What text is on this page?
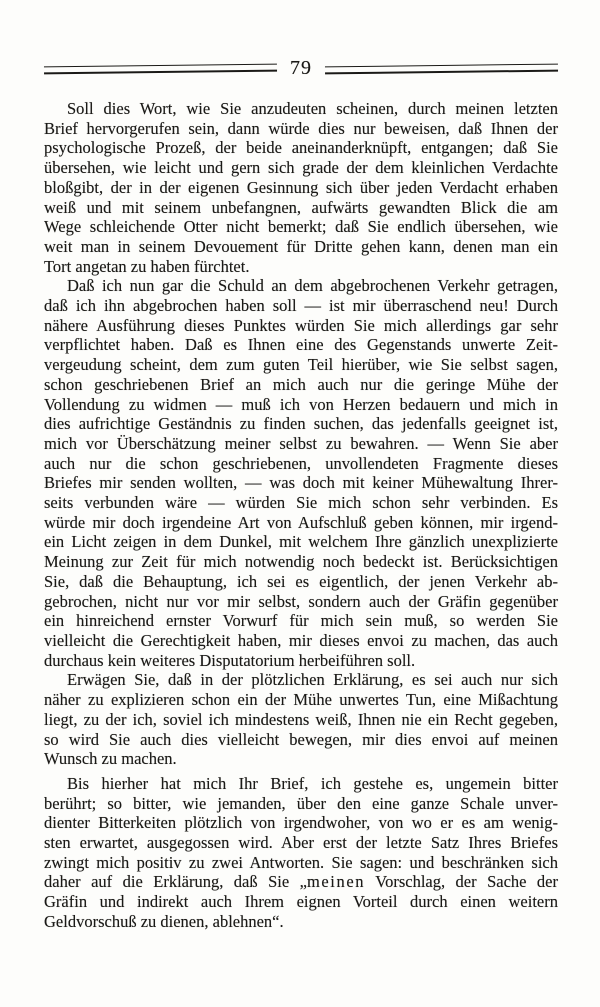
79
Soll dies Wort, wie Sie anzudeuten scheinen, durch meinen letzten
Brief hervorgerufen sein, dann würde dies nur beweisen, daß Ihnen der
psychologische Prozeß, der beide aneinanderknüpft, entgangen; daß Sie
übersehen, wie leicht und gern sich grade der dem kleinlichen Verdachte
bloßgibt, der in der eigenen Gesinnung sich über jeden Verdacht erhaben
weiß und mit seinem unbefangnen, aufwärts gewandten Blick die am
Wege schleichende Otter nicht bemerkt; daß Sie endlich übersehen, wie
weit man in seinem Devouement für Dritte gehen kann, denen man ein
Tort angetan zu haben fürchtet.
Daß ich nun gar die Schuld an dem abgebrochenen Verkehr getragen,
daß ich ihn abgebrochen haben soll — ist mir überraschend neu! Durch
nähere Ausführung dieses Punktes würden Sie mich allerdings gar sehr
verpflichtet haben. Daß es Ihnen eine des Gegenstands unwerte Zeit-
vergeudung scheint, dem zum guten Teil hierüber, wie Sie selbst sagen,
schon geschriebenen Brief an mich auch nur die geringe Mühe der
Vollendung zu widmen — muß ich von Herzen bedauern und mich in
dies aufrichtige Geständnis zu finden suchen, das jedenfalls geeignet ist,
mich vor Überschätzung meiner selbst zu bewahren. — Wenn Sie aber
auch nur die schon geschriebenen, unvollendeten Fragmente dieses
Briefes mir senden wollten, — was doch mit keiner Mühewaltung Ihrer-
seits verbunden wäre — würden Sie mich schon sehr verbinden. Es
würde mir doch irgendeine Art von Aufschluß geben können, mir irgend-
ein Licht zeigen in dem Dunkel, mit welchem Ihre gänzlich unexplizierte
Meinung zur Zeit für mich notwendig noch bedeckt ist. Berücksichtigen
Sie, daß die Behauptung, ich sei es eigentlich, der jenen Verkehr ab-
gebrochen, nicht nur vor mir selbst, sondern auch der Gräfin gegenüber
ein hinreichend ernster Vorwurf für mich sein muß, so werden Sie
vielleicht die Gerechtigkeit haben, mir dieses envoi zu machen, das auch
durchaus kein weiteres Disputatorium herbeiführen soll.
Erwägen Sie, daß in der plötzlichen Erklärung, es sei auch nur sich
näher zu explizieren schon ein der Mühe unwertes Tun, eine Mißachtung
liegt, zu der ich, soviel ich mindestens weiß, Ihnen nie ein Recht gegeben,
so wird Sie auch dies vielleicht bewegen, mir dies envoi auf meinen
Wunsch zu machen.
Bis hierher hat mich Ihr Brief, ich gestehe es, ungemein bitter
berührt; so bitter, wie jemanden, über den eine ganze Schale unver-
dienter Bitterkeiten plötzlich von irgendwoher, von wo er es am wenig-
sten erwartet, ausgegossen wird. Aber erst der letzte Satz Ihres Briefes
zwingt mich positiv zu zwei Antworten. Sie sagen: und beschränken sich
daher auf die Erklärung, daß Sie „meinen Vorschlag, der Sache der
Gräfin und indirekt auch Ihrem eignen Vorteil durch einen weitern
Geldvorschuß zu dienen, ablehnen“.
